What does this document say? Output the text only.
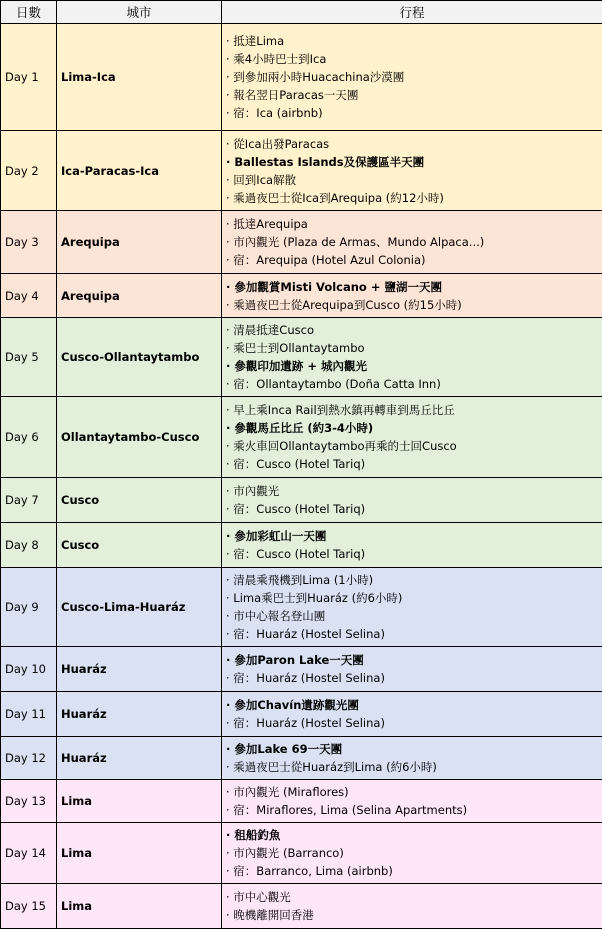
日數	城市	行程
Day 1	Lima-Ica	· 抵達Lima
· 乘4小時巴士到Ica
· 到參加兩小時Huacachina沙漠團
· 報名翌日Paracas一天團
· 宿：Ica (airbnb)

Day 2	Ica-Paracas-Ica	· 從Ica出發Paracas
· Ballestas Islands及保護區半天團
· 回到Ica解散
· 乘過夜巴士從Ica到Arequipa (約12小時)

Day 3	Arequipa	· 抵達Arequipa
· 市內觀光 (Plaza de Armas、Mundo Alpaca...)
· 宿：Arequipa (Hotel Azul Colonia)

Day 4	Arequipa	· 參加觀賞Misti Volcano + 鹽湖一天團
· 乘過夜巴士從Arequipa到Cusco (約15小時)

Day 5	Cusco-Ollantaytambo	· 清晨抵達Cusco
· 乘巴士到Ollantaytambo
· 參觀印加遺跡 + 城內觀光
· 宿：Ollantaytambo (Doña Catta Inn)

Day 6	Ollantaytambo-Cusco	· 早上乘Inca Rail到熱水鎮再轉車到馬丘比丘
· 參觀馬丘比丘 (約3-4小時)
· 乘火車回Ollantaytambo再乘的士回Cusco
· 宿：Cusco (Hotel Tariq)

Day 7	Cusco	· 市內觀光
· 宿：Cusco (Hotel Tariq)

Day 8	Cusco	· 參加彩虹山一天團
· 宿：Cusco (Hotel Tariq)

Day 9	Cusco-Lima-Huaráz	· 清晨乘飛機到Lima (1小時)
· Lima乘巴士到Huaráz (約6小時)
· 市中心報名登山團
· 宿：Huaráz (Hostel Selina)

Day 10	Huaráz	· 參加Paron Lake一天團
· 宿：Huaráz (Hostel Selina)

Day 11	Huaráz	· 參加Chavín遺跡觀光團
· 宿：Huaráz (Hostel Selina)

Day 12	Huaráz	· 參加Lake 69一天團
· 乘過夜巴士從Huaráz到Lima (約6小時)

Day 13	Lima	· 市內觀光 (Miraflores)
· 宿：Miraflores, Lima (Selina Apartments)

Day 14	Lima	· 租船釣魚
· 市內觀光 (Barranco)
· 宿：Barranco, Lima (airbnb)

Day 15	Lima	· 市中心觀光
· 晚機離開回香港
